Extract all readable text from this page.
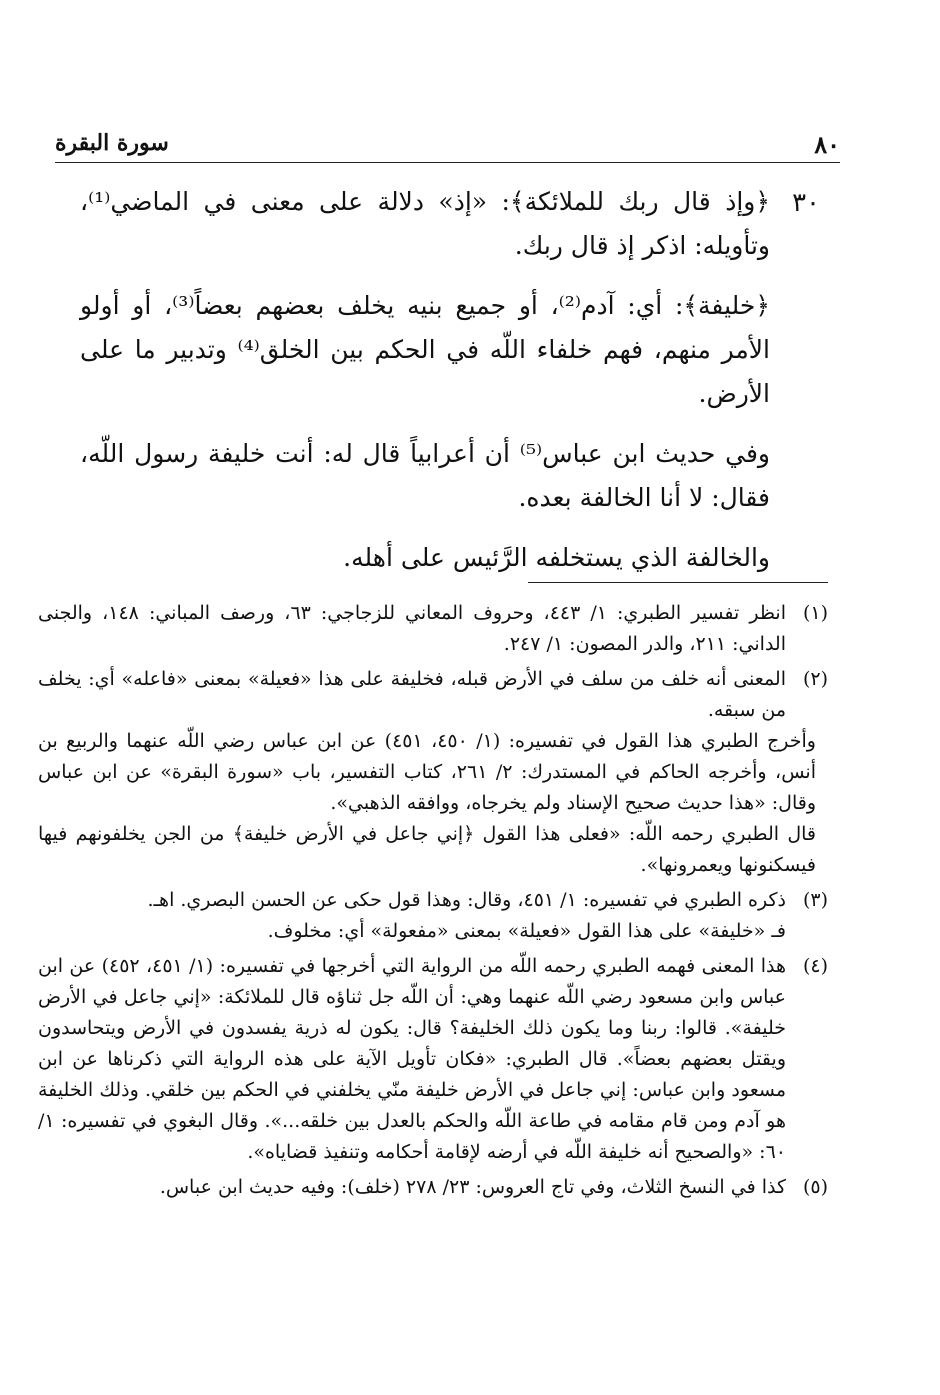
٨٠
سورة البقرة
٣٠

﴿وإذ قال ربك للملائكة﴾: «إذ» دلالة على معنى في الماضي⁽¹⁾، وتأويله: اذكر إذ قال ربك.

﴿خليفة﴾: أي: آدم⁽²⁾، أو جميع بنيه يخلف بعضهم بعضاً⁽³⁾، أو أولو الأمر منهم، فهم خلفاء اللّه في الحكم بين الخلق⁽⁴⁾ وتدبير ما على الأرض.

وفي حديث ابن عباس⁽⁵⁾ أن أعرابياً قال له: أنت خليفة رسول اللّه، فقال: لا أنا الخالفة بعده.

والخالفة الذي يستخلفه الرَّئيس على أهله.

(١)

انظر تفسير الطبري: ١/ ٤٤٣، وحروف المعاني للزجاجي: ٦٣، ورصف المباني: ١٤٨، والجنى الداني: ٢١١، والدر المصون: ١/ ٢٤٧.

(٢)

المعنى أنه خلف من سلف في الأرض قبله، فخليفة على هذا «فعيلة» بمعنى «فاعله» أي: يخلف من سبقه.

وأخرج الطبري هذا القول في تفسيره: (١/ ٤٥٠، ٤٥١) عن ابن عباس رضي اللّه عنهما والربيع بن أنس، وأخرجه الحاكم في المستدرك: ٢/ ٢٦١، كتاب التفسير، باب «سورة البقرة» عن ابن عباس وقال: «هذا حديث صحيح الإسناد ولم يخرجاه، ووافقه الذهبي».

قال الطبري رحمه اللّه: «فعلى هذا القول ﴿إني جاعل في الأرض خليفة﴾ من الجن يخلفونهم فيها فيسكنونها ويعمرونها».

(٣)

ذكره الطبري في تفسيره: ١/ ٤٥١، وقال: وهذا قول حكى عن الحسن البصري. اهـ.

فـ «خليفة» على هذا القول «فعيلة» بمعنى «مفعولة» أي: مخلوف.

(٤)

هذا المعنى فهمه الطبري رحمه اللّه من الرواية التي أخرجها في تفسيره: (١/ ٤٥١، ٤٥٢) عن ابن عباس وابن مسعود رضي اللّه عنهما وهي: أن اللّه جل ثناؤه قال للملائكة: «إني جاعل في الأرض خليفة». قالوا: ربنا وما يكون ذلك الخليفة؟ قال: يكون له ذرية يفسدون في الأرض ويتحاسدون ويقتل بعضهم بعضاً». قال الطبري: «فكان تأويل الآية على هذه الرواية التي ذكرناها عن ابن مسعود وابن عباس: إني جاعل في الأرض خليفة منّي يخلفني في الحكم بين خلقي. وذلك الخليفة هو آدم ومن قام مقامه في طاعة اللّه والحكم بالعدل بين خلقه...». وقال البغوي في تفسيره: ١/ ٦٠: «والصحيح أنه خليفة اللّه في أرضه لإقامة أحكامه وتنفيذ قضاياه».

(٥)

كذا في النسخ الثلاث، وفي تاج العروس: ٢٣/ ٢٧٨ (خلف): وفيه حديث ابن عباس.
